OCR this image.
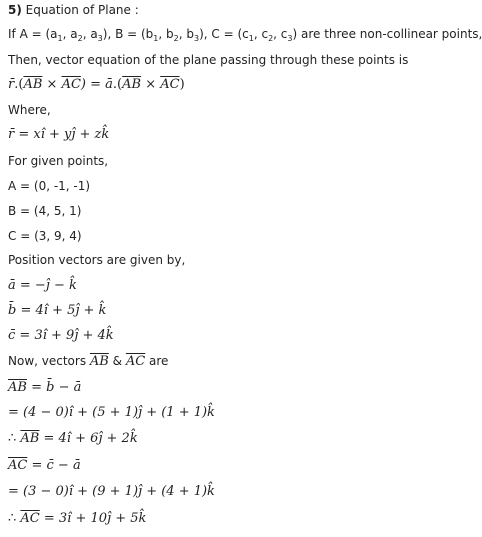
5) Equation of Plane :
If $A = (a_1$, $a_2$, $a_3$), $B = (b_1$, $b_2$, $b_3$), $C = (c_1$, $c_2$, $c_3$) are three non-collinear points,
Then, vector equation of the plane passing through these points is
$r̄.(\overline{AB} \times \overline{AC})$ = $ā.(\overline{AB} \times \overline{AC})$
Where,
r̄ = xî + yĵ + zk̂
For given points,
A = (0, -1, -1)
B = (4, 5, 1)
C = (3, 9, 4)
Position vectors are given by,
ā = −ĵ − k̂
b̄ = 4î + 5ĵ + k̂
c̄ = 3î + 9ĵ + 4k̂
Now, vectors $\overline{AB}$ & $\overline{AC}$ are
$\overline{AB}$ = b̄ − ā
= (4 − 0)î + (5 + 1)ĵ + (1 + 1)k̂
∴ $\overline{AB}$ = 4î + 6ĵ + 2k̂
$\overline{AC}$ = c̄ − ā
= (3 − 0)î + (9 + 1)ĵ + (4 + 1)k̂
∴ $\overline{AC}$ = 3î + 10ĵ + 5k̂
